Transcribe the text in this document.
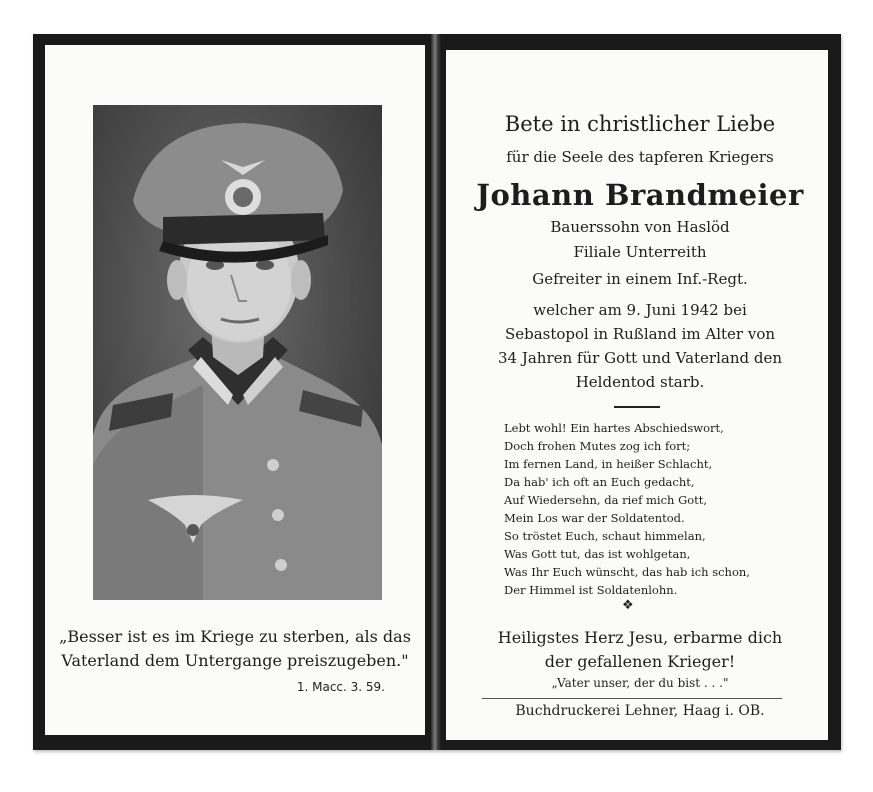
„Besser ist es im Kriege zu sterben, als das
Vaterland dem Untergange preiszugeben."
1. Macc. 3. 59.
Bete in christlicher Liebe
für die Seele des tapferen Kriegers
Johann Brandmeier
Bauerssohn von Haslöd
Filiale Unterreith
Gefreiter in einem Inf.-Regt.
welcher am 9. Juni 1942 bei
Sebastopol in Rußland im Alter von
34 Jahren für Gott und Vaterland den
Heldentod starb.
Lebt wohl! Ein hartes Abschiedswort,
Doch frohen Mutes zog ich fort;
Im fernen Land, in heißer Schlacht,
Da hab' ich oft an Euch gedacht,
Auf Wiedersehn, da rief mich Gott,
Mein Los war der Soldatentod.
So tröstet Euch, schaut himmelan,
Was Gott tut, das ist wohlgetan,
Was Ihr Euch wünscht, das hab ich schon,
Der Himmel ist Soldatenlohn.
❖
Heiligstes Herz Jesu, erbarme dich
der gefallenen Krieger!
„Vater unser, der du bist . . ."
Buchdruckerei Lehner, Haag i. OB.
